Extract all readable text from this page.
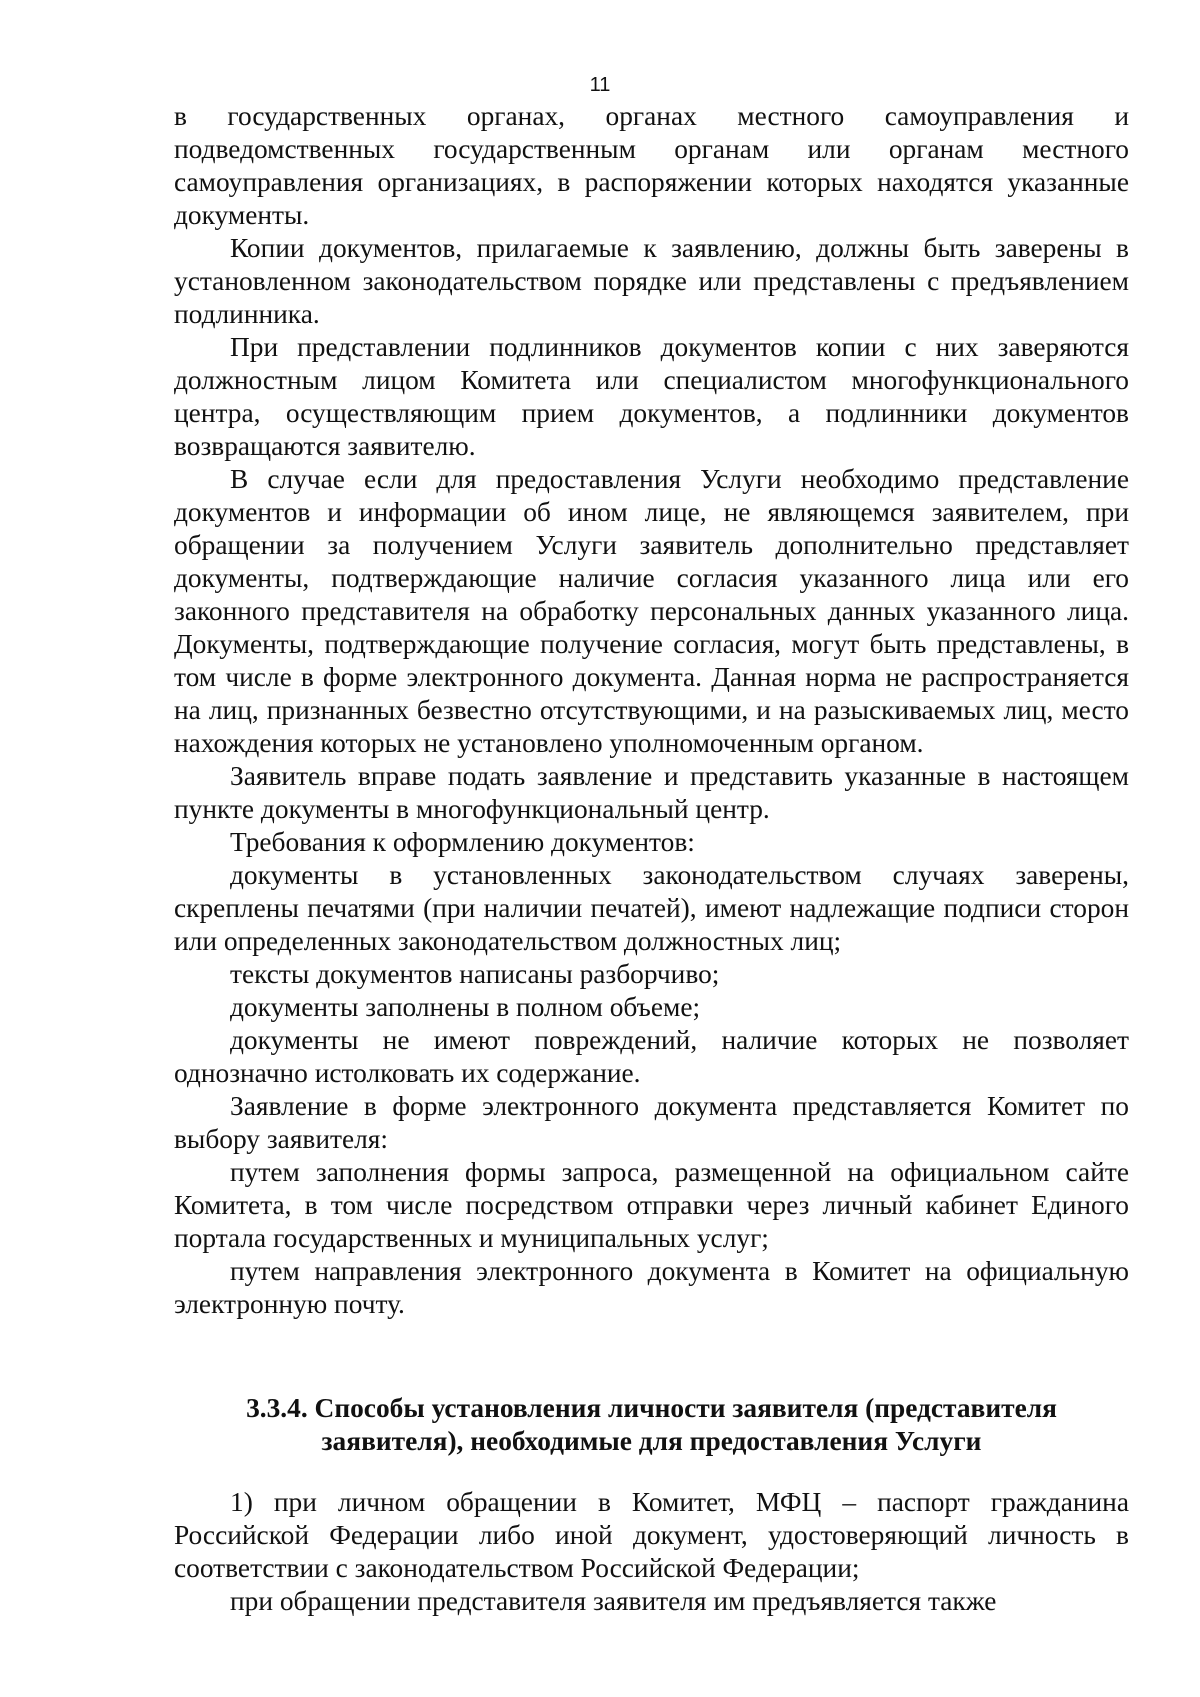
11

в государственных органах, органах местного самоуправления и подведомственных государственным органам или органам местного самоуправления организациях, в распоряжении которых находятся указанные документы.

Копии документов, прилагаемые к заявлению, должны быть заверены в установленном законодательством порядке или представлены с предъявлением подлинника.

При представлении подлинников документов копии с них заверяются должностным лицом Комитета или специалистом многофункционального центра, осуществляющим прием документов, а подлинники документов возвращаются заявителю.

В случае если для предоставления Услуги необходимо представление документов и информации об ином лице, не являющемся заявителем, при обращении за получением Услуги заявитель дополнительно представляет документы, подтверждающие наличие согласия указанного лица или его законного представителя на обработку персональных данных указанного лица. Документы, подтверждающие получение согласия, могут быть представлены, в том числе в форме электронного документа. Данная норма не распространяется на лиц, признанных безвестно отсутствующими, и на разыскиваемых лиц, место нахождения которых не установлено уполномоченным органом.

Заявитель вправе подать заявление и представить указанные в настоящем пункте документы в многофункциональный центр.

Требования к оформлению документов:

документы в установленных законодательством случаях заверены, скреплены печатями (при наличии печатей), имеют надлежащие подписи сторон или определенных законодательством должностных лиц;

тексты документов написаны разборчиво;

документы заполнены в полном объеме;

документы не имеют повреждений, наличие которых не позволяет однозначно истолковать их содержание.

Заявление в форме электронного документа представляется Комитет по выбору заявителя:

путем заполнения формы запроса, размещенной на официальном сайте Комитета, в том числе посредством отправки через личный кабинет Единого портала государственных и муниципальных услуг;

путем направления электронного документа в Комитет на официальную электронную почту.

3.3.4. Способы установления личности заявителя (представителя заявителя), необходимые для предоставления Услуги

1) при личном обращении в Комитет, МФЦ – паспорт гражданина Российской Федерации либо иной документ, удостоверяющий личность в соответствии с законодательством Российской Федерации;

при обращении представителя заявителя им предъявляется также
